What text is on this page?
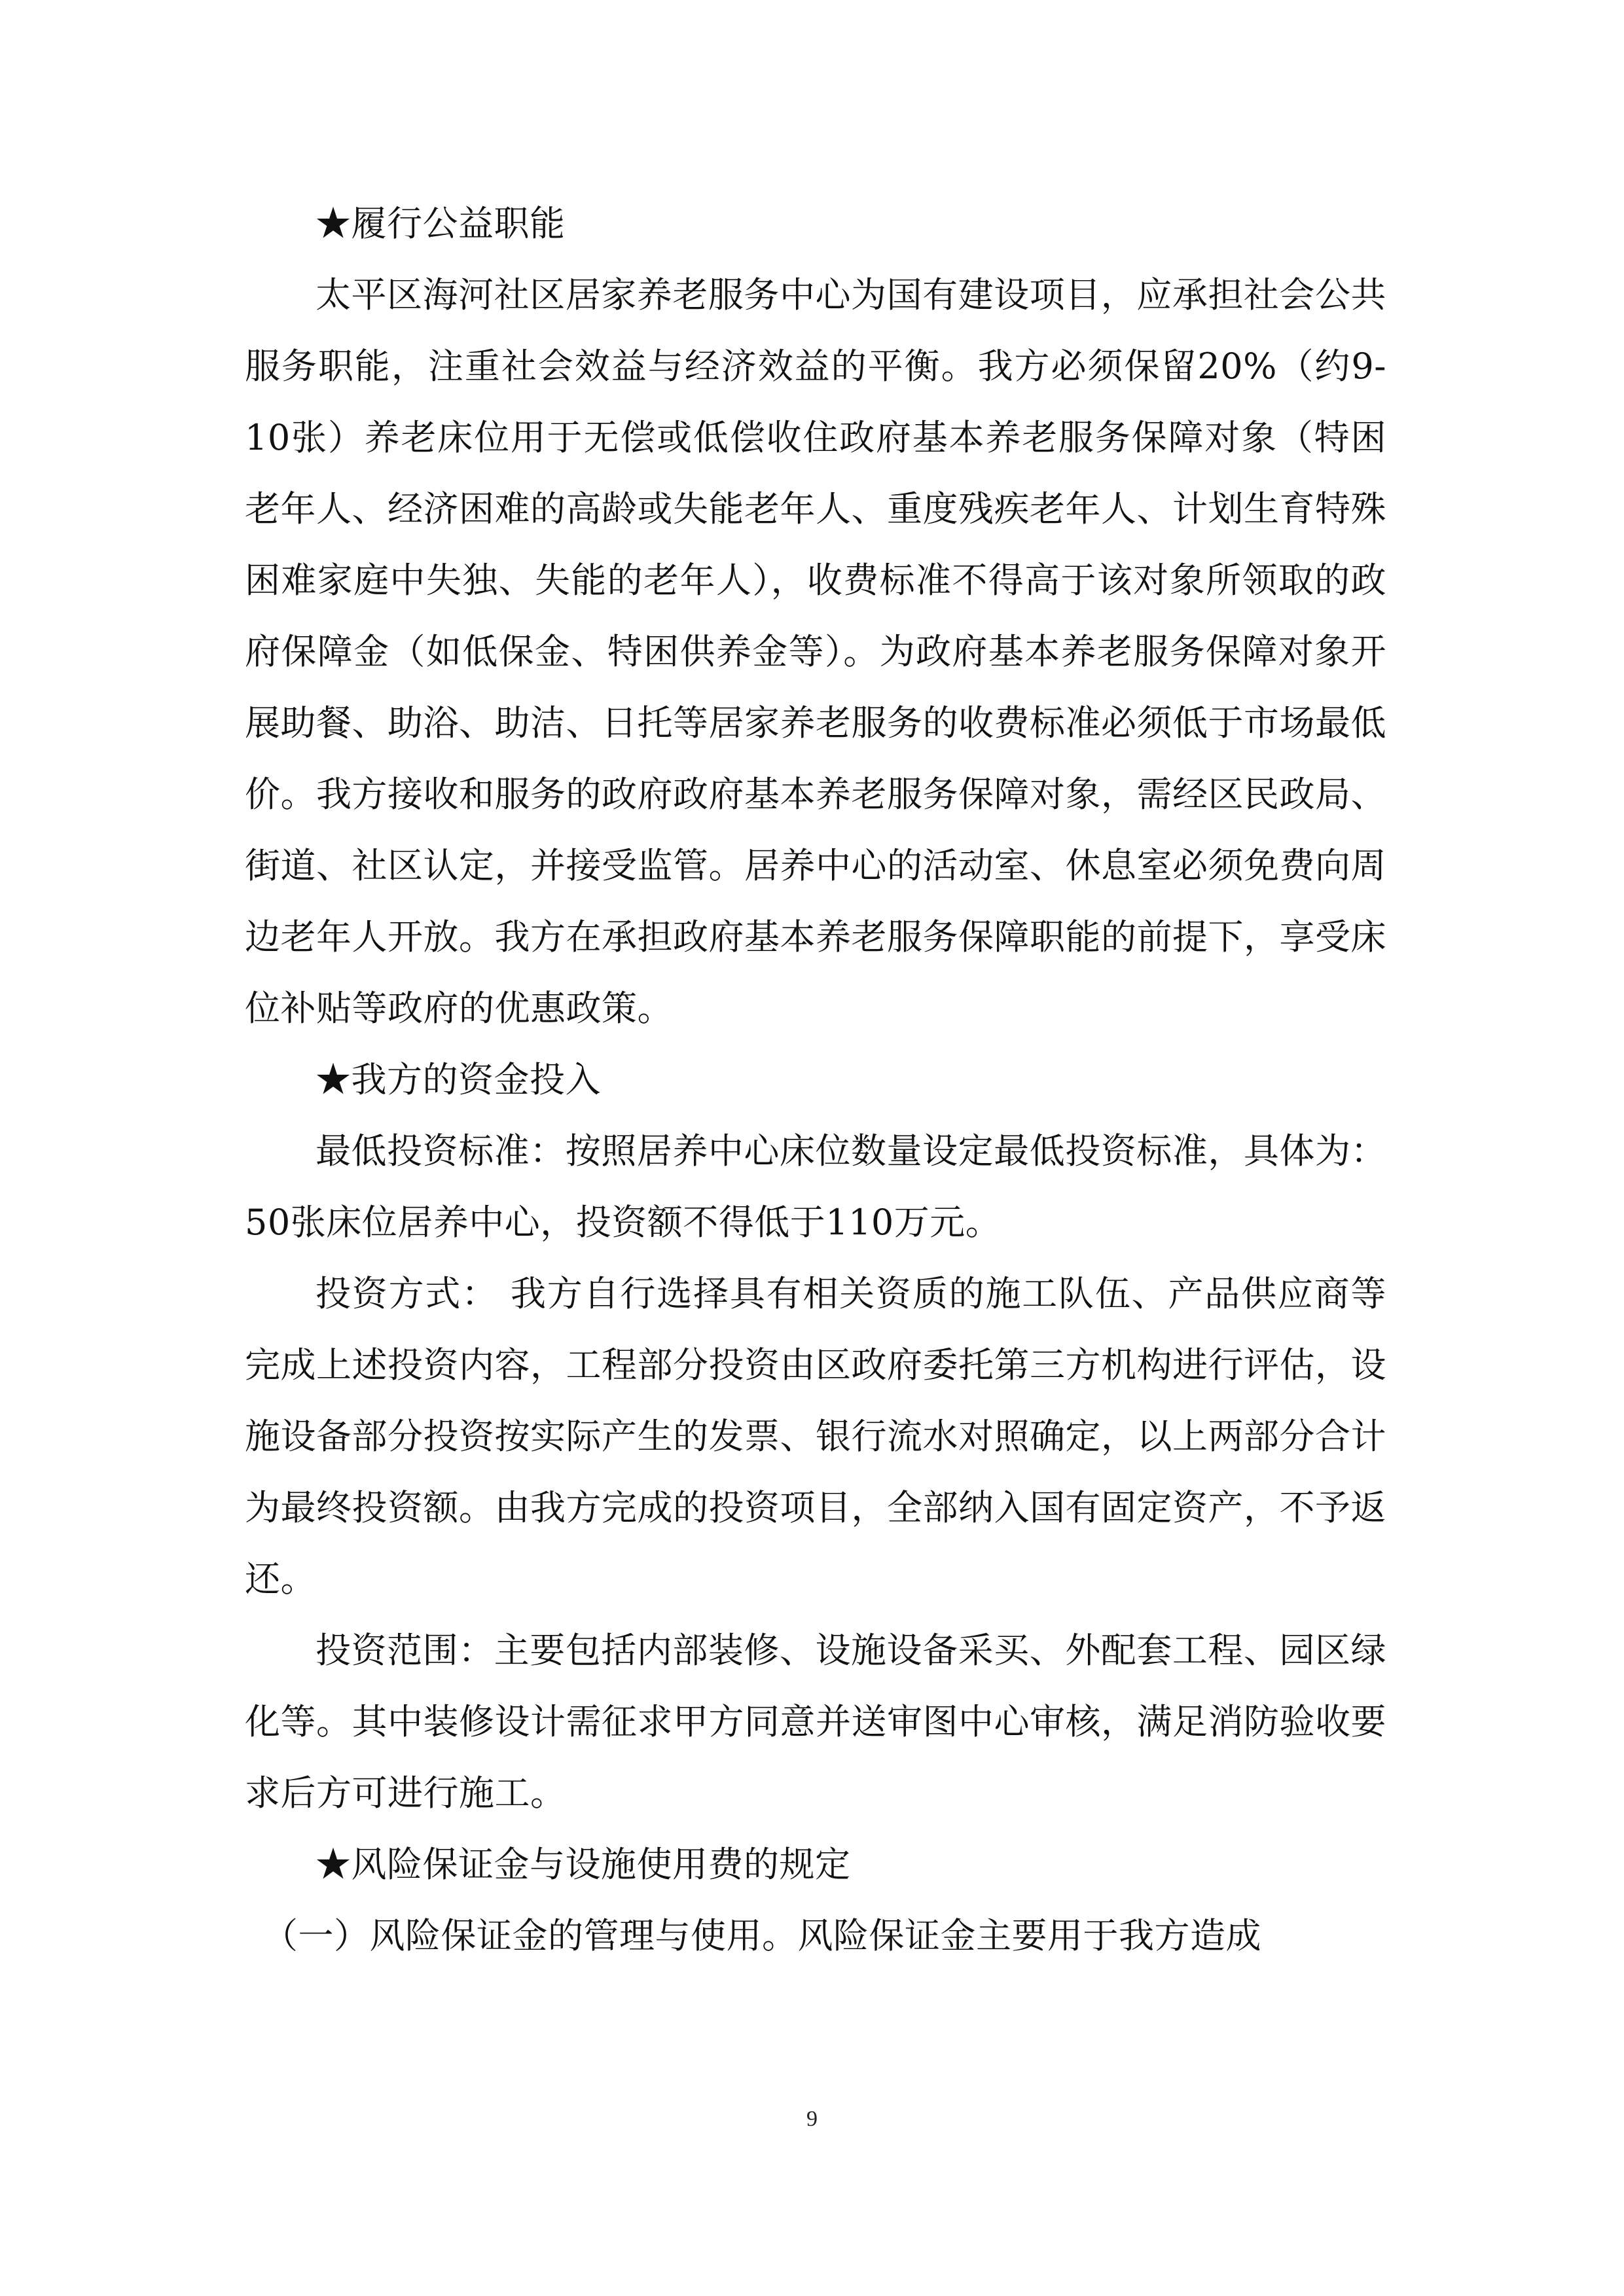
★履行公益职能

太平区海河社区居家养老服务中心为国有建设项目，应承担社会公共服务职能，注重社会效益与经济效益的平衡。我方必须保留20%（约9-10张）养老床位用于无偿或低偿收住政府基本养老服务保障对象（特困老年人、经济困难的高龄或失能老年人、重度残疾老年人、计划生育特殊困难家庭中失独、失能的老年人），收费标准不得高于该对象所领取的政府保障金（如低保金、特困供养金等）。为政府基本养老服务保障对象开展助餐、助浴、助洁、日托等居家养老服务的收费标准必须低于市场最低价。我方接收和服务的政府政府基本养老服务保障对象，需经区民政局、街道、社区认定，并接受监管。居养中心的活动室、休息室必须免费向周边老年人开放。我方在承担政府基本养老服务保障职能的前提下，享受床位补贴等政府的优惠政策。

★我方的资金投入

最低投资标准：按照居养中心床位数量设定最低投资标准，具体为：50张床位居养中心，投资额不得低于110万元。

投资方式： 我方自行选择具有相关资质的施工队伍、产品供应商等完成上述投资内容，工程部分投资由区政府委托第三方机构进行评估，设施设备部分投资按实际产生的发票、银行流水对照确定，以上两部分合计为最终投资额。由我方完成的投资项目，全部纳入国有固定资产，不予返还。

投资范围：主要包括内部装修、设施设备采买、外配套工程、园区绿化等。其中装修设计需征求甲方同意并送审图中心审核，满足消防验收要求后方可进行施工。

★风险保证金与设施使用费的规定

（一）风险保证金的管理与使用。风险保证金主要用于我方造成

9
